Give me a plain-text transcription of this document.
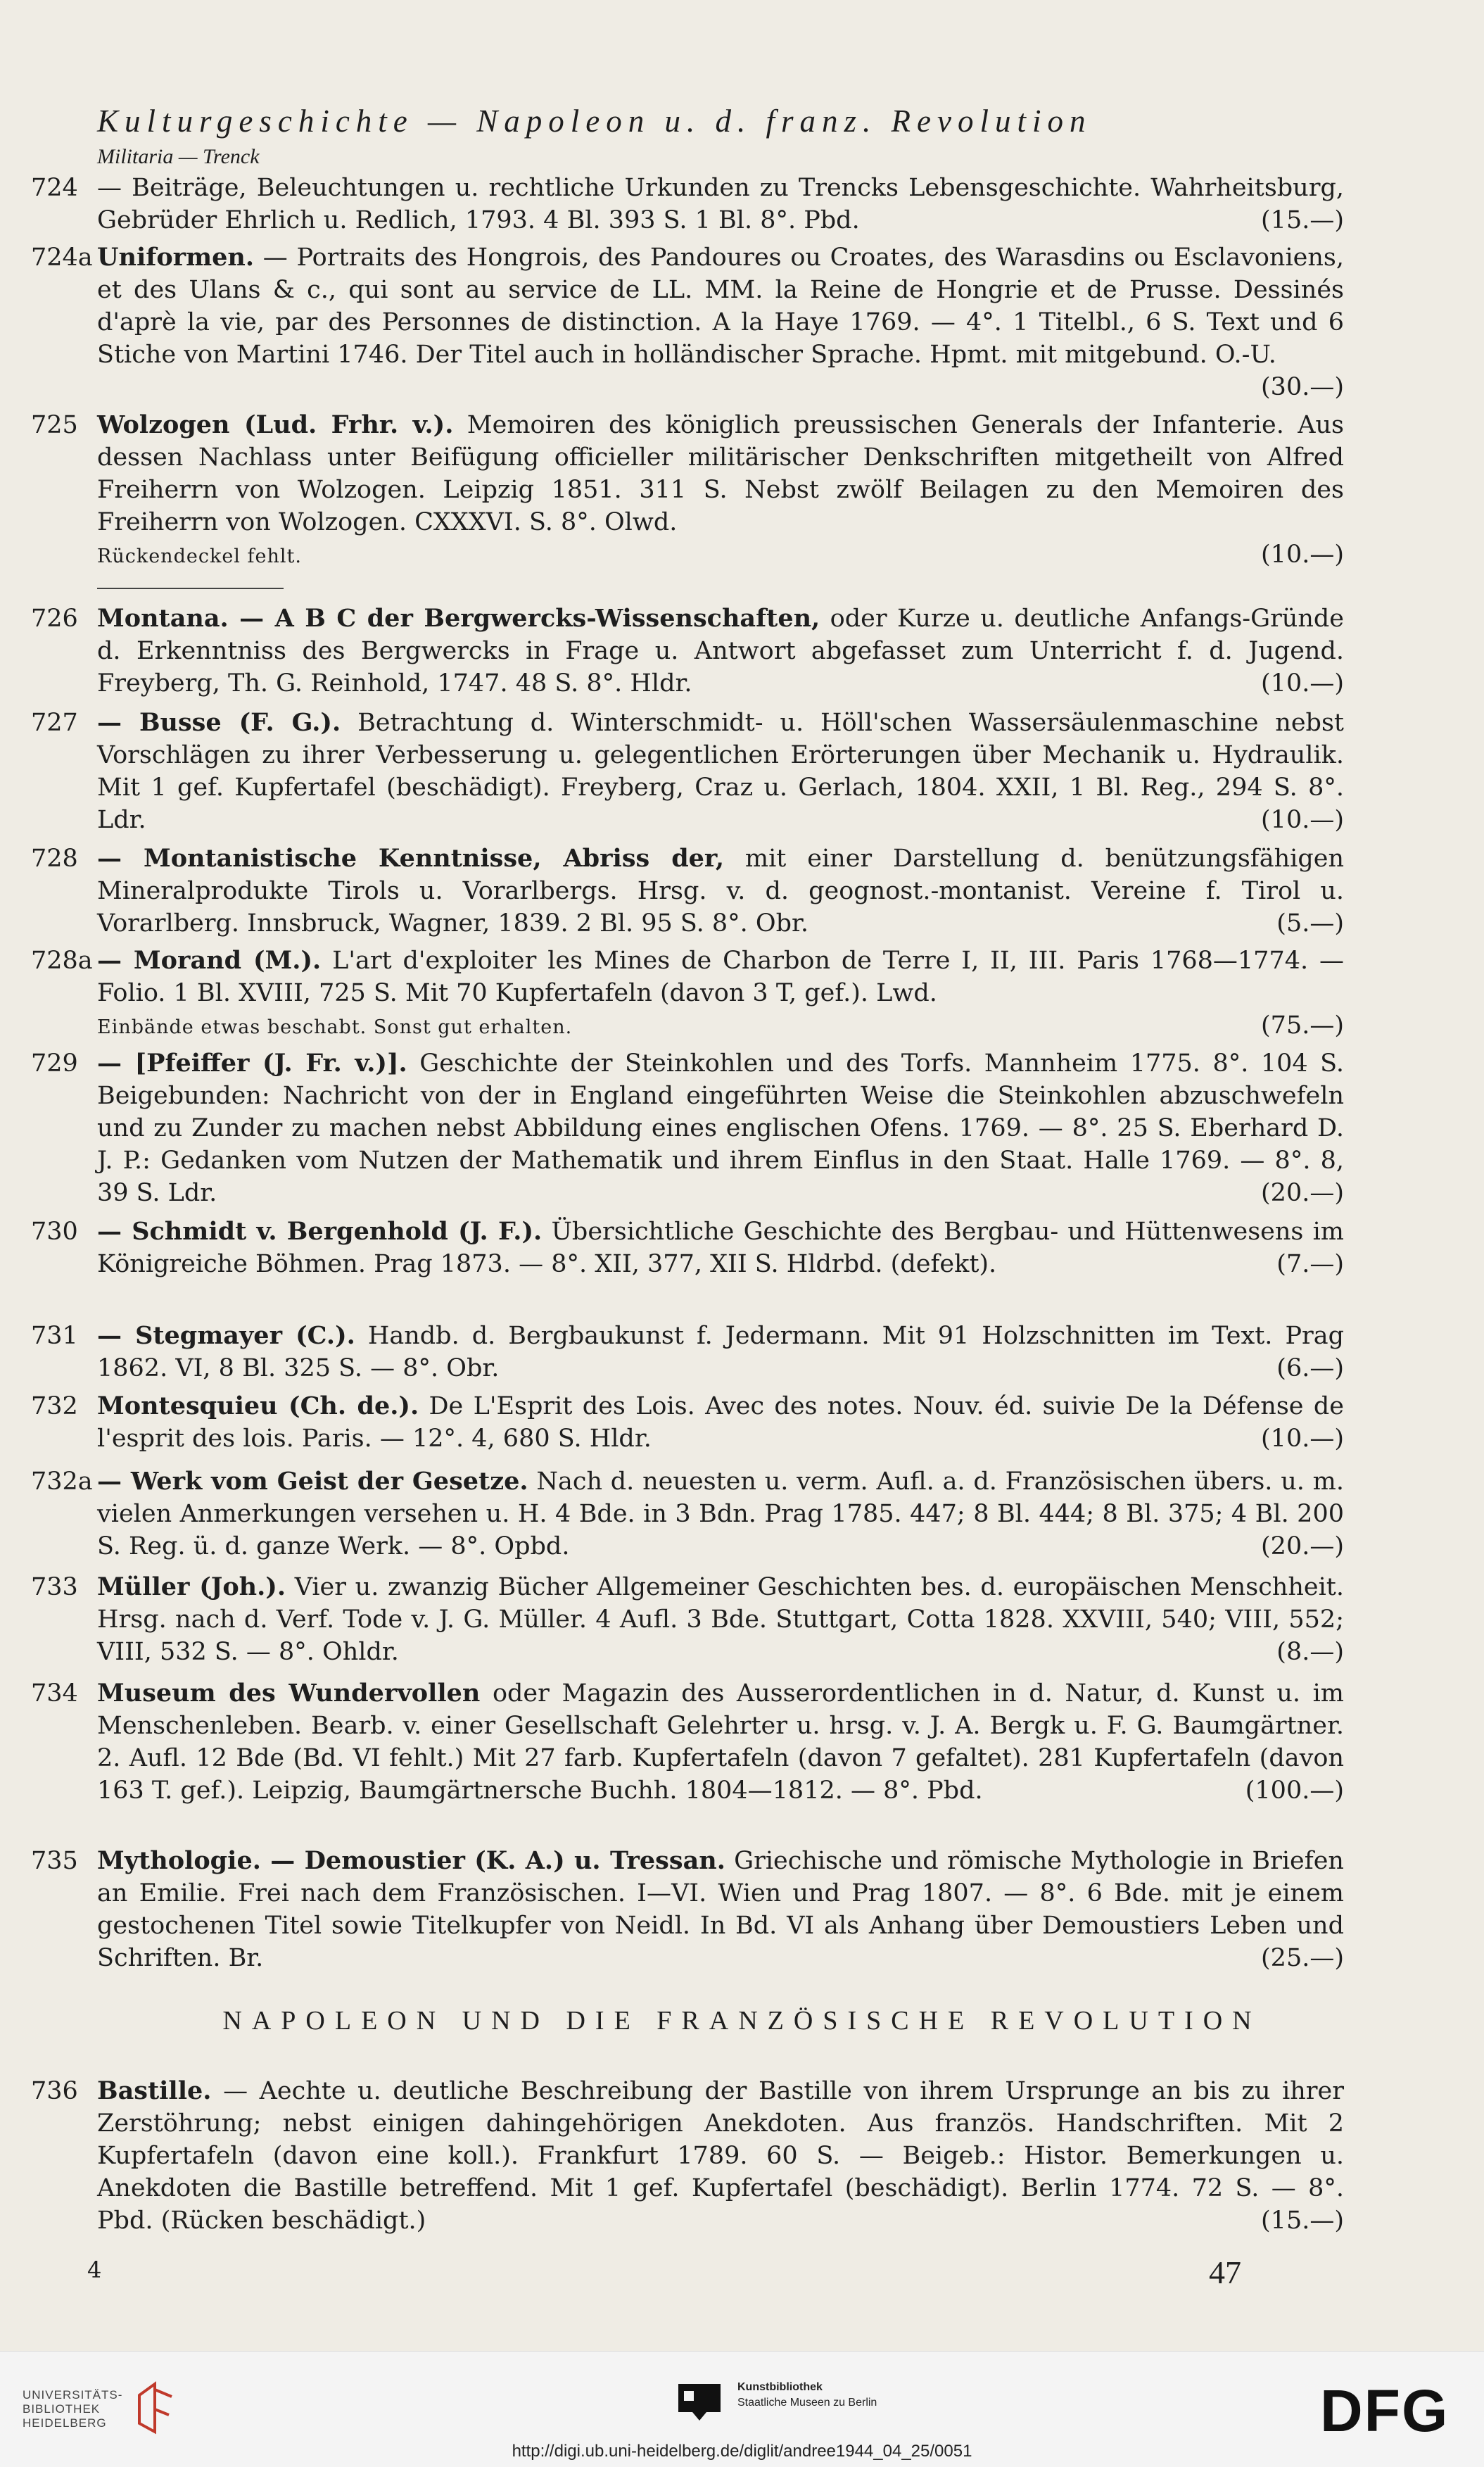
Kulturgeschichte — Napoleon u. d. franz. Revolution
Militaria — Trenck
724 — Beiträge, Beleuchtungen u. rechtliche Urkunden zu Trencks Lebensgeschichte. Wahrheitsburg, Gebrüder Ehrlich u. Redlich, 1793. 4 Bl. 393 S. 1 Bl. 8°. Pbd.	(15.—)
724a Uniformen. — Portraits des Hongrois, des Pandoures ou Croates, des Warasdins ou Esclavoniens, et des Ulans & c., qui sont au service de LL. MM. la Reine de Hongrie et de Prusse. Dessinés d'aprè la vie, par des Personnes de distinction. A la Haye 1769. — 4°. 1 Titelbl., 6 S. Text und 6 Stiche von Martini 1746. Der Titel auch in holländischer Sprache. Hpmt. mit mitgebund. O.-U.
(30.—)
725 Wolzogen (Lud. Frhr. v.). Memoiren des königlich preussischen Generals der Infanterie. Aus dessen Nachlass unter Beifügung officieller militärischer Denkschriften mitgetheilt von Alfred Freiherrn von Wolzogen. Leipzig 1851. 311 S. Nebst zwölf Beilagen zu den Memoiren des Freiherrn von Wolzogen. CXXXVI. S. 8°. Olwd.
Rückendeckel fehlt.	(10.—)
726 Montana. — A B C der Bergwercks-Wissenschaften, oder Kurze u. deutliche Anfangs-Gründe d. Erkenntniss des Bergwercks in Frage u. Antwort abgefasset zum Unterricht f. d. Jugend. Freyberg, Th. G. Reinhold, 1747. 48 S. 8°. Hldr.	(10.—)
727 — Busse (F. G.). Betrachtung d. Winterschmidt- u. Höll'schen Wassersäulenmaschine nebst Vorschlägen zu ihrer Verbesserung u. gelegentlichen Erörterungen über Mechanik u. Hydraulik. Mit 1 gef. Kupfertafel (beschädigt). Freyberg, Craz u. Gerlach, 1804. XXII, 1 Bl. Reg., 294 S. 8°. Ldr.	(10.—)
728 — Montanistische Kenntnisse, Abriss der, mit einer Darstellung d. benützungsfähigen Mineralprodukte Tirols u. Vorarlbergs. Hrsg. v. d. geognost.-montanist. Vereine f. Tirol u. Vorarlberg. Innsbruck, Wagner, 1839. 2 Bl. 95 S. 8°. Obr.	(5.—)
728a — Morand (M.). L'art d'exploiter les Mines de Charbon de Terre I, II, III. Paris 1768—1774. — Folio. 1 Bl. XVIII, 725 S. Mit 70 Kupfertafeln (davon 3 T, gef.). Lwd.
Einbände etwas beschabt. Sonst gut erhalten.	(75.—)
729 — [Pfeiffer (J. Fr. v.)]. Geschichte der Steinkohlen und des Torfs. Mannheim 1775. 8°. 104 S. Beigebunden: Nachricht von der in England eingeführten Weise die Steinkohlen abzuschwefeln und zu Zunder zu machen nebst Abbildung eines englischen Ofens. 1769. — 8°. 25 S. Eberhard D. J. P.: Gedanken vom Nutzen der Mathematik und ihrem Einflus in den Staat. Halle 1769. — 8°. 8, 39 S. Ldr.	(20.—)
730 — Schmidt v. Bergenhold (J. F.). Übersichtliche Geschichte des Bergbau- und Hüttenwesens im Königreiche Böhmen. Prag 1873. — 8°. XII, 377, XII S. Hldrbd. (defekt).	(7.—)
731 — Stegmayer (C.). Handb. d. Bergbaukunst f. Jedermann. Mit 91 Holzschnitten im Text. Prag 1862. VI, 8 Bl. 325 S. — 8°. Obr.	(6.—)
732 Montesquieu (Ch. de.). De L'Esprit des Lois. Avec des notes. Nouv. éd. suivie De la Défense de l'esprit des lois. Paris. — 12°. 4, 680 S. Hldr.	(10.—)
732a — Werk vom Geist der Gesetze. Nach d. neuesten u. verm. Aufl. a. d. Französischen übers. u. m. vielen Anmerkungen versehen u. H. 4 Bde. in 3 Bdn. Prag 1785. 447; 8 Bl. 444; 8 Bl. 375; 4 Bl. 200 S. Reg. ü. d. ganze Werk. — 8°. Opbd.	(20.—)
733 Müller (Joh.). Vier u. zwanzig Bücher Allgemeiner Geschichten bes. d. europäischen Menschheit. Hrsg. nach d. Verf. Tode v. J. G. Müller. 4 Aufl. 3 Bde. Stuttgart, Cotta 1828. XXVIII, 540; VIII, 552; VIII, 532 S. — 8°. Ohldr.	(8.—)
734 Museum des Wundervollen oder Magazin des Ausserordentlichen in d. Natur, d. Kunst u. im Menschenleben. Bearb. v. einer Gesellschaft Gelehrter u. hrsg. v. J. A. Bergk u. F. G. Baumgärtner. 2. Aufl. 12 Bde (Bd. VI fehlt.) Mit 27 farb. Kupfertafeln (davon 7 gefaltet). 281 Kupfertafeln (davon 163 T. gef.). Leipzig, Baumgärtnersche Buchh. 1804—1812. — 8°. Pbd.	(100.—)
735 Mythologie. — Demoustier (K. A.) u. Tressan. Griechische und römische Mythologie in Briefen an Emilie. Frei nach dem Französischen. I—VI. Wien und Prag 1807. — 8°. 6 Bde. mit je einem gestochenen Titel sowie Titelkupfer von Neidl. In Bd. VI als Anhang über Demoustiers Leben und Schriften. Br.	(25.—)
NAPOLEON UND DIE FRANZÖSISCHE REVOLUTION
736 Bastille. — Aechte u. deutliche Beschreibung der Bastille von ihrem Ursprunge an bis zu ihrer Zerstöhrung; nebst einigen dahingehörigen Anekdoten. Aus französ. Handschriften. Mit 2 Kupfertafeln (davon eine koll.). Frankfurt 1789. 60 S. — Beigeb.: Histor. Bemerkungen u. Anekdoten die Bastille betreffend. Mit 1 gef. Kupfertafel (beschädigt). Berlin 1774. 72 S. — 8°. Pbd. (Rücken beschädigt.)	(15.—)
4	47
UNIVERSITÄTS-
BIBLIOTHEK
HEIDELBERG
Kunstbibliothek
Staatliche Museen zu Berlin	DFG
http://digi.ub.uni-heidelberg.de/diglit/andree1944_04_25/0051
